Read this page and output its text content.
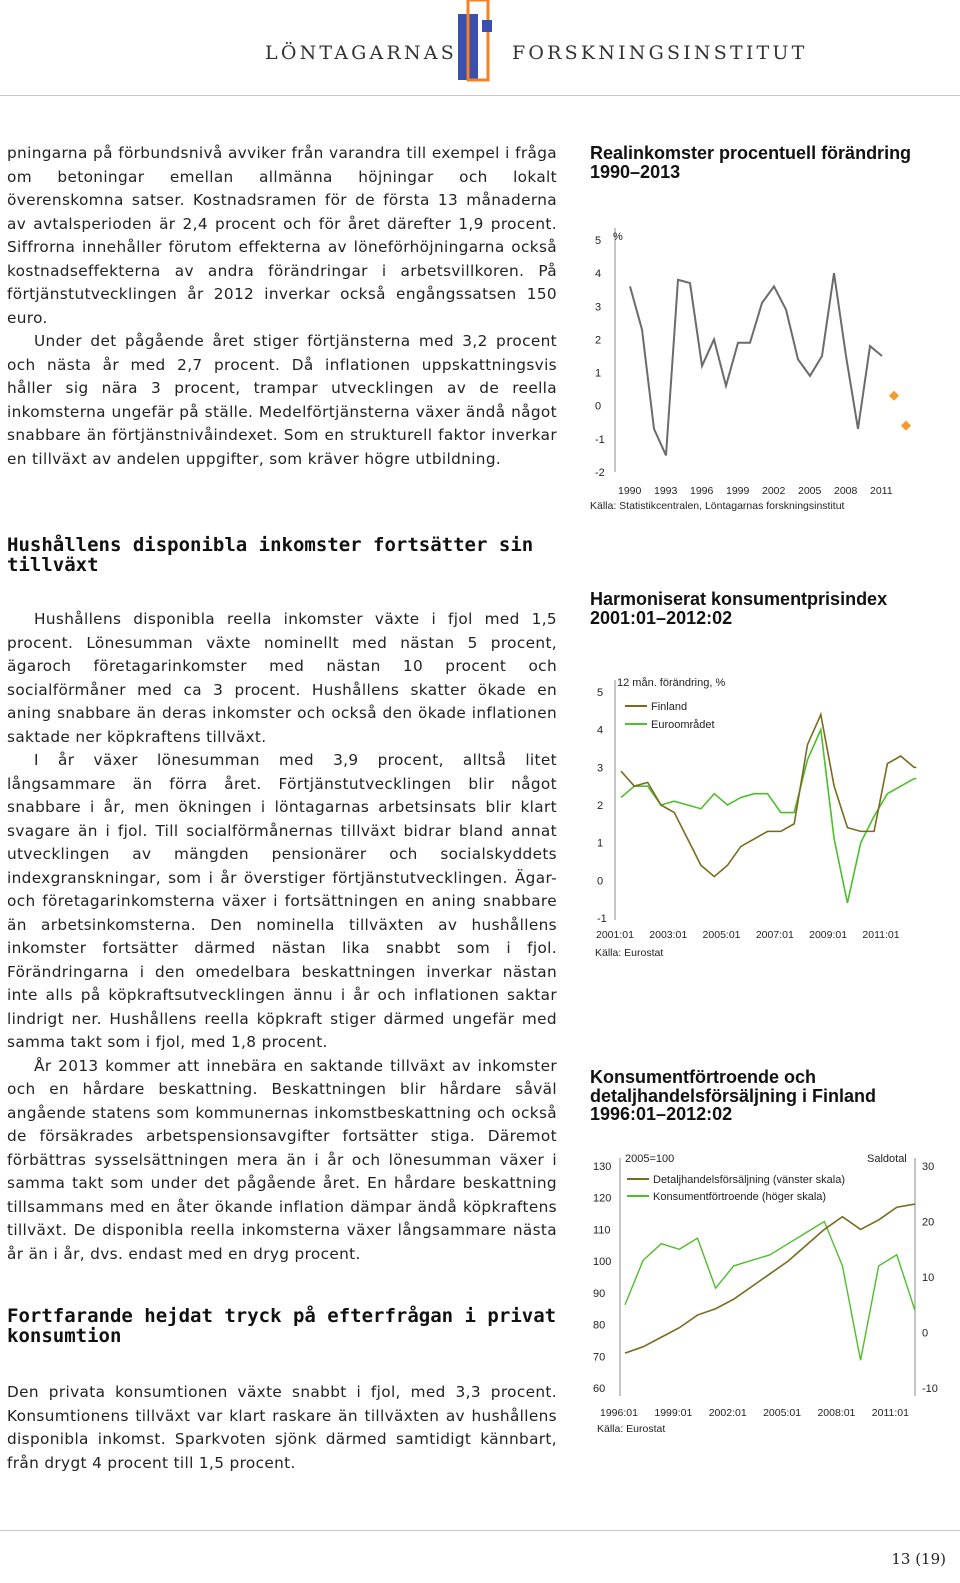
LÖNTAGARNAS	FORSKNINGSINSTITUT

pningarna på förbundsnivå avviker från varandra till exempel i fråga om betoningar emellan allmänna höjningar och lokalt överenskomna satser. Kostnadsramen för de första 13 månaderna av avtalsperioden är 2,4 procent och för året därefter 1,9 procent. Siffrorna innehåller förutom effekterna av löneförhöjningarna också kostnadseffekterna av andra förändringar i arbetsvillkoren. På förtjänstutvecklingen år 2012 inverkar också engångssatsen 150 euro.

Under det pågående året stiger förtjänsterna med 3,2 procent och nästa år med 2,7 procent. Då inflationen uppskattningsvis håller sig nära 3 procent, trampar utvecklingen av de reella inkomsterna ungefär på ställe. Medelförtjänsterna växer ändå något snabbare än förtjänstnivåindexet. Som en strukturell faktor inverkar en tillväxt av andelen uppgifter, som kräver högre utbildning.

Hushållens disponibla inkomster fortsätter sin tillväxt

Hushållens disponibla reella inkomster växte i fjol med 1,5 procent. Lönesumman växte nominellt med nästan 5 procent, ägaroch företagarinkomster med nästan 10 procent och socialförmåner med ca 3 procent. Hushållens skatter ökade en aning snabbare än deras inkomster och också den ökade inflationen saktade ner köpkraftens tillväxt.

I år växer lönesumman med 3,9 procent, alltså litet långsammare än förra året. Förtjänstutvecklingen blir något snabbare i år, men ökningen i löntagarnas arbetsinsats blir klart svagare än i fjol. Till socialförmånernas tillväxt bidrar bland annat utvecklingen av mängden pensionärer och socialskyddets indexgranskningar, som i år överstiger förtjänstutvecklingen. Ägar- och företagarinkomsterna växer i fortsättningen en aning snabbare än arbetsinkomsterna. Den nominella tillväxten av hushållens inkomster fortsätter därmed nästan lika snabbt som i fjol. Förändringarna i den omedelbara beskattningen inverkar nästan inte alls på köpkraftsutvecklingen ännu i år och inflationen saktar lindrigt ner. Hushållens reella köpkraft stiger därmed ungefär med samma takt som i fjol, med 1,8 procent.

År 2013 kommer att innebära en saktande tillväxt av inkomster och en hårdare beskattning. Beskattningen blir hårdare såväl angående statens som kommunernas inkomstbeskattning och också de försäkrades arbetspensionsavgifter fortsätter stiga. Däremot förbättras sysselsättningen mera än i år och lönesumman växer i samma takt som under det pågående året. En hårdare beskattning tillsammans med en åter ökande inflation dämpar ändå köpkraftens tillväxt. De disponibla reella inkomsterna växer långsammare nästa år än i år, dvs. endast med en dryg procent.

Fortfarande hejdat tryck på efterfrågan i privat konsumtion

Den privata konsumtionen växte snabbt i fjol, med 3,3 procent. Konsumtionens tillväxt var klart raskare än tillväxten av hushållens disponibla inkomst. Sparkvoten sjönk därmed samtidigt kännbart, från drygt 4 procent till 1,5 procent.

Realinkomster procentuell förändring 1990–2013
%
5
4
3
2
1
0
-1
-2
1990 1993 1996 1999 2002 2005 2008 2011
Källa: Statistikcentralen, Löntagarnas forskningsinstitut
Harmoniserat konsumentprisindex 2001:01–2012:02
12 mån. förändring, %
Finland
Euroområdet
5
4
3
2
1
0
-1
2001:01 2003:01 2005:01 2007:01 2009:01 2011:01
Källa: Eurostat
Konsumentförtroende och detaljhandelsförsäljning i Finland 1996:01–2012:02
2005=100	Saldotal
Detaljhandelsförsäljning (vänster skala)
Konsumentförtroende (höger skala)
130
120
110
100
90
80
70
60
30
20
10
0
-10
1996:01 1999:01 2002:01 2005:01 2008:01 2011:01
Källa: Eurostat
13 (19)
